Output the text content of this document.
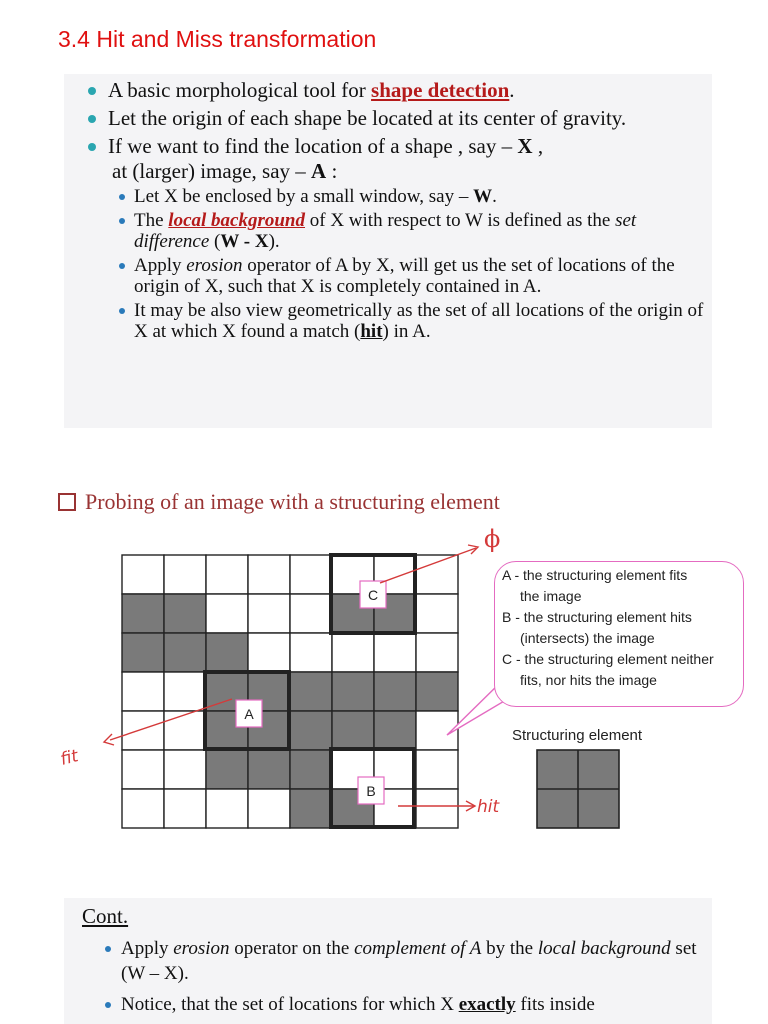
3.4 Hit and Miss transformation
A basic morphological tool for shape detection.
Let the origin of each shape be located at its center of gravity.
If we want to find the location of a shape , say – X ,
at (larger) image, say – A :
Let X be enclosed by a small window, say – W.
The local background of X with respect to W is defined as the set difference (W - X).
Apply erosion operator of A by X, will get us the set of locations of the origin of X, such that X is completely contained in A.
It may be also view geometrically as the set of all locations of the origin of X at which X found a match (hit) in A.
Probing of an image with a structuring element
A
C
B
fit
ϕ
hit

A - the structuring element fits

the image

B - the structuring element hits

(intersects) the image

C - the structuring element neither

fits, nor hits the image

Structuring element
Cont.
Apply erosion operator on the complement of A by the local background set (W – X).
Notice, that the set of locations for which X exactly fits inside
